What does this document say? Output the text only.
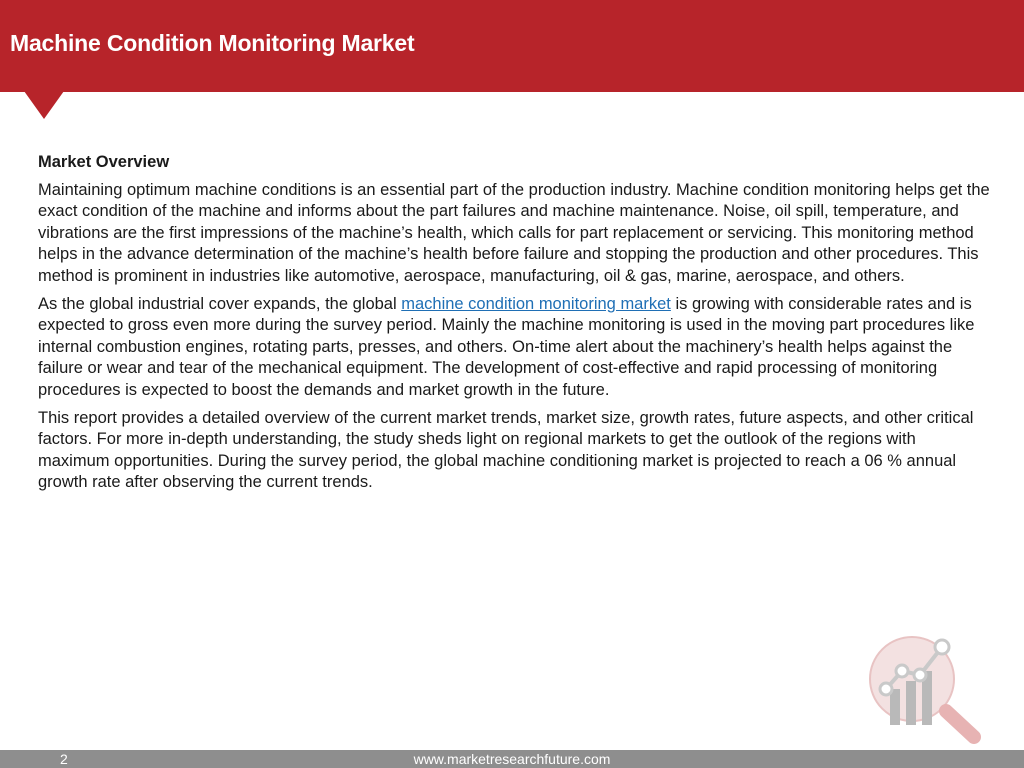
Machine Condition Monitoring Market
Market Overview

Maintaining optimum machine conditions is an essential part of the production industry. Machine condition monitoring helps get the exact condition of the machine and informs about the part failures and machine maintenance. Noise, oil spill, temperature, and vibrations are the first impressions of the machine’s health, which calls for part replacement or servicing. This monitoring method helps in the advance determination of the machine’s health before failure and stopping the production and other procedures. This method is prominent in industries like automotive, aerospace, manufacturing, oil & gas, marine, aerospace, and others.

As the global industrial cover expands, the global machine condition monitoring market is growing with considerable rates and is expected to gross even more during the survey period. Mainly the machine monitoring is used in the moving part procedures like internal combustion engines, rotating parts, presses, and others. On-time alert about the machinery’s health helps against the failure or wear and tear of the mechanical equipment. The development of cost-effective and rapid processing of monitoring procedures is expected to boost the demands and market growth in the future.

This report provides a detailed overview of the current market trends, market size, growth rates, future aspects, and other critical factors. For more in-depth understanding, the study sheds light on regional markets to get the outlook of the regions with maximum opportunities. During the survey period, the global machine conditioning market is projected to reach a 06 % annual growth rate after observing the current trends.

www.marketresearchfuture.com
2
